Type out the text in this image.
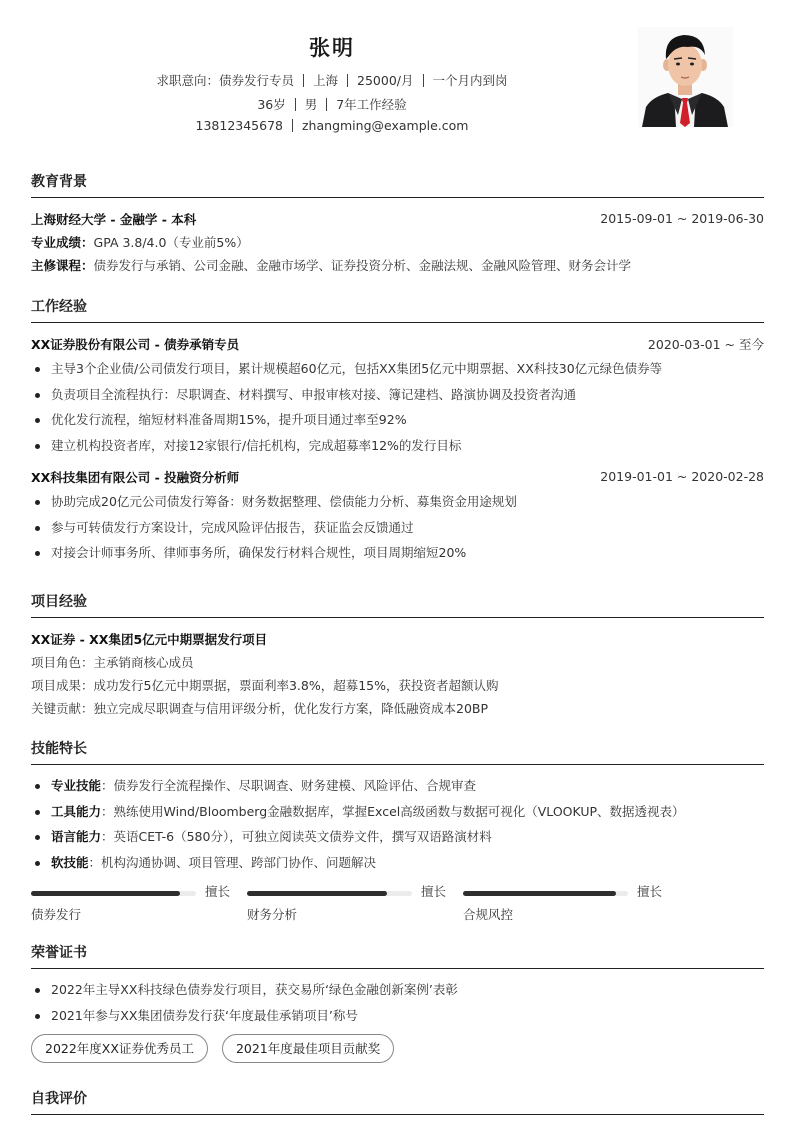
张明
求职意向：债券发行专员 上海 25000/月 一个月内到岗
36岁 男 7年工作经验
13812345678 zhangming@example.com
教育背景
上海财经大学 - 金融学 - 本科	2015-09-01 ~ 2019-06-30
专业成绩：GPA 3.8/4.0（专业前5%）
主修课程：债券发行与承销、公司金融、金融市场学、证券投资分析、金融法规、金融风险管理、财务会计学
工作经验
XX证券股份有限公司 - 债券承销专员	2020-03-01 ~ 至今
主导3个企业债/公司债发行项目，累计规模超60亿元，包括XX集团5亿元中期票据、XX科技30亿元绿色债券等
负责项目全流程执行：尽职调查、材料撰写、申报审核对接、簿记建档、路演协调及投资者沟通
优化发行流程，缩短材料准备周期15%，提升项目通过率至92%
建立机构投资者库，对接12家银行/信托机构，完成超募率12%的发行目标
XX科技集团有限公司 - 投融资分析师	2019-01-01 ~ 2020-02-28
协助完成20亿元公司债发行筹备：财务数据整理、偿债能力分析、募集资金用途规划
参与可转债发行方案设计，完成风险评估报告，获证监会反馈通过
对接会计师事务所、律师事务所，确保发行材料合规性，项目周期缩短20%
项目经验
XX证券 - XX集团5亿元中期票据发行项目
项目角色：主承销商核心成员
项目成果：成功发行5亿元中期票据，票面利率3.8%，超募15%，获投资者超额认购
关键贡献：独立完成尽职调查与信用评级分析，优化发行方案，降低融资成本20BP
技能特长
专业技能：债券发行全流程操作、尽职调查、财务建模、风险评估、合规审查
工具能力：熟练使用Wind/Bloomberg金融数据库，掌握Excel高级函数与数据可视化（VLOOKUP、数据透视表）
语言能力：英语CET-6（580分），可独立阅读英文债券文件，撰写双语路演材料
软技能：机构沟通协调、项目管理、跨部门协作、问题解决
擅长
债券发行
擅长
财务分析
擅长
合规风控
荣誉证书
2022年主导XX科技绿色债券发行项目，获交易所‘绿色金融创新案例’表彰
2021年参与XX集团债券发行获‘年度最佳承销项目’称号
2022年度XX证券优秀员工	2021年度最佳项目贡献奖
自我评价
